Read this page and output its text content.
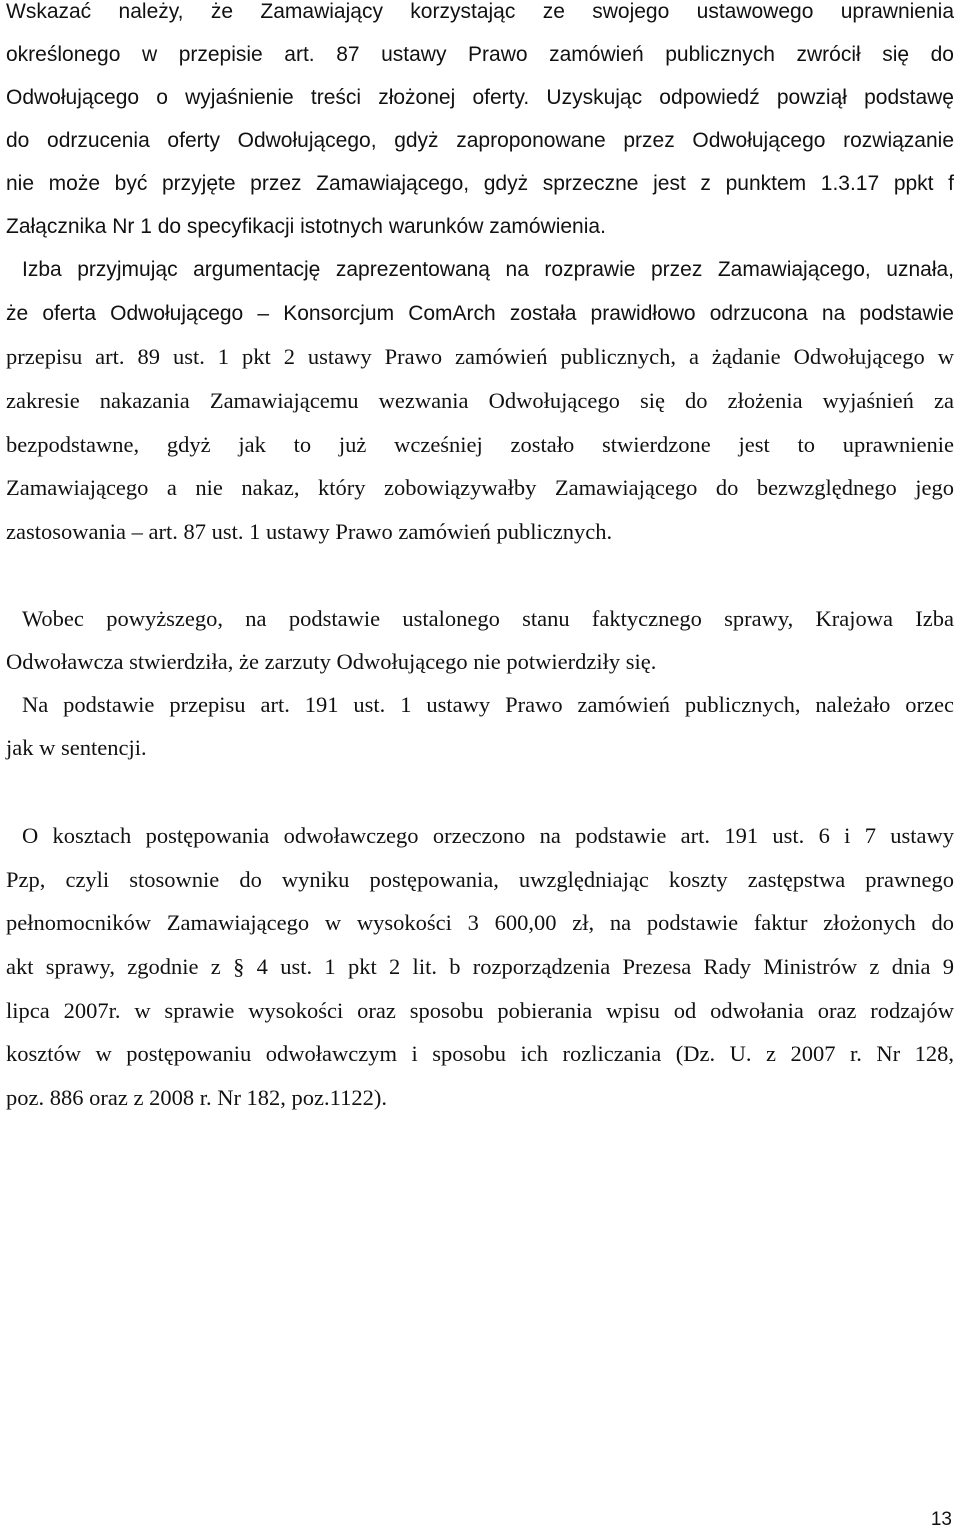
Wskazać należy, że Zamawiający korzystając ze swojego ustawowego uprawnienia
określonego w przepisie art. 87 ustawy Prawo zamówień publicznych zwrócił się do
Odwołującego o wyjaśnienie treści złożonej oferty. Uzyskując odpowiedź powziął podstawę
do odrzucenia oferty Odwołującego, gdyż zaproponowane przez Odwołującego rozwiązanie
nie może być przyjęte przez Zamawiającego, gdyż sprzeczne jest z punktem 1.3.17 ppkt f
Załącznika Nr 1 do specyfikacji istotnych warunków zamówienia.
Izba przyjmując argumentację zaprezentowaną na rozprawie przez Zamawiającego, uznała,
że oferta Odwołującego – Konsorcjum ComArch została prawidłowo odrzucona na podstawie
przepisu art. 89 ust. 1 pkt 2 ustawy Prawo zamówień publicznych, a żądanie Odwołującego w
zakresie nakazania Zamawiającemu wezwania Odwołującego się do złożenia wyjaśnień za
bezpodstawne, gdyż jak to już wcześniej zostało stwierdzone jest to uprawnienie
Zamawiającego a nie nakaz, który zobowiązywałby Zamawiającego do bezwzględnego jego
zastosowania – art. 87 ust. 1 ustawy Prawo zamówień publicznych.
Wobec powyższego, na podstawie ustalonego stanu faktycznego sprawy, Krajowa Izba
Odwoławcza stwierdziła, że zarzuty Odwołującego nie potwierdziły się.
Na podstawie przepisu art. 191 ust. 1 ustawy Prawo zamówień publicznych, należało orzec
jak w sentencji.
O kosztach postępowania odwoławczego orzeczono na podstawie art. 191 ust. 6 i 7 ustawy
Pzp, czyli stosownie do wyniku postępowania, uwzględniając koszty zastępstwa prawnego
pełnomocników Zamawiającego w wysokości 3 600,00 zł, na podstawie faktur złożonych do
akt sprawy, zgodnie z § 4 ust. 1 pkt 2 lit. b rozporządzenia Prezesa Rady Ministrów z dnia 9
lipca 2007r. w sprawie wysokości oraz sposobu pobierania wpisu od odwołania oraz rodzajów
kosztów w postępowaniu odwoławczym i sposobu ich rozliczania (Dz. U. z 2007 r. Nr 128,
poz. 886 oraz z 2008 r. Nr 182, poz.1122).
13
